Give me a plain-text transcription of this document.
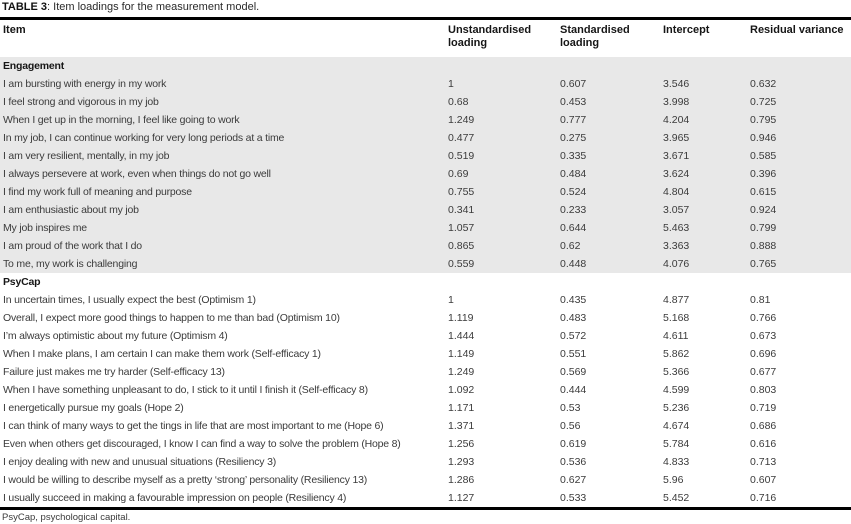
TABLE 3: Item loadings for the measurement model.
Item	Unstandardised loading	Standardised loading	Intercept	Residual variance
Engagement				
I am bursting with energy in my work	1	0.607	3.546	0.632
I feel strong and vigorous in my job	0.68	0.453	3.998	0.725
When I get up in the morning, I feel like going to work	1.249	0.777	4.204	0.795
In my job, I can continue working for very long periods at a time	0.477	0.275	3.965	0.946
I am very resilient, mentally, in my job	0.519	0.335	3.671	0.585
I always persevere at work, even when things do not go well	0.69	0.484	3.624	0.396
I find my work full of meaning and purpose	0.755	0.524	4.804	0.615
I am enthusiastic about my job	0.341	0.233	3.057	0.924
My job inspires me	1.057	0.644	5.463	0.799
I am proud of the work that I do	0.865	0.62	3.363	0.888
To me, my work is challenging	0.559	0.448	4.076	0.765
PsyCap				
In uncertain times, I usually expect the best (Optimism 1)	1	0.435	4.877	0.81
Overall, I expect more good things to happen to me than bad (Optimism 10)	1.119	0.483	5.168	0.766
I’m always optimistic about my future (Optimism 4)	1.444	0.572	4.611	0.673
When I make plans, I am certain I can make them work (Self-efficacy 1)	1.149	0.551	5.862	0.696
Failure just makes me try harder (Self-efficacy 13)	1.249	0.569	5.366	0.677
When I have something unpleasant to do, I stick to it until I finish it (Self-efficacy 8)	1.092	0.444	4.599	0.803
I energetically pursue my goals (Hope 2)	1.171	0.53	5.236	0.719
I can think of many ways to get the tings in life that are most important to me (Hope 6)	1.371	0.56	4.674	0.686
Even when others get discouraged, I know I can find a way to solve the problem (Hope 8)	1.256	0.619	5.784	0.616
I enjoy dealing with new and unusual situations (Resiliency 3)	1.293	0.536	4.833	0.713
I would be willing to describe myself as a pretty ‘strong’ personality (Resiliency 13)	1.286	0.627	5.96	0.607
I usually succeed in making a favourable impression on people (Resiliency 4)	1.127	0.533	5.452	0.716
PsyCap, psychological capital.
